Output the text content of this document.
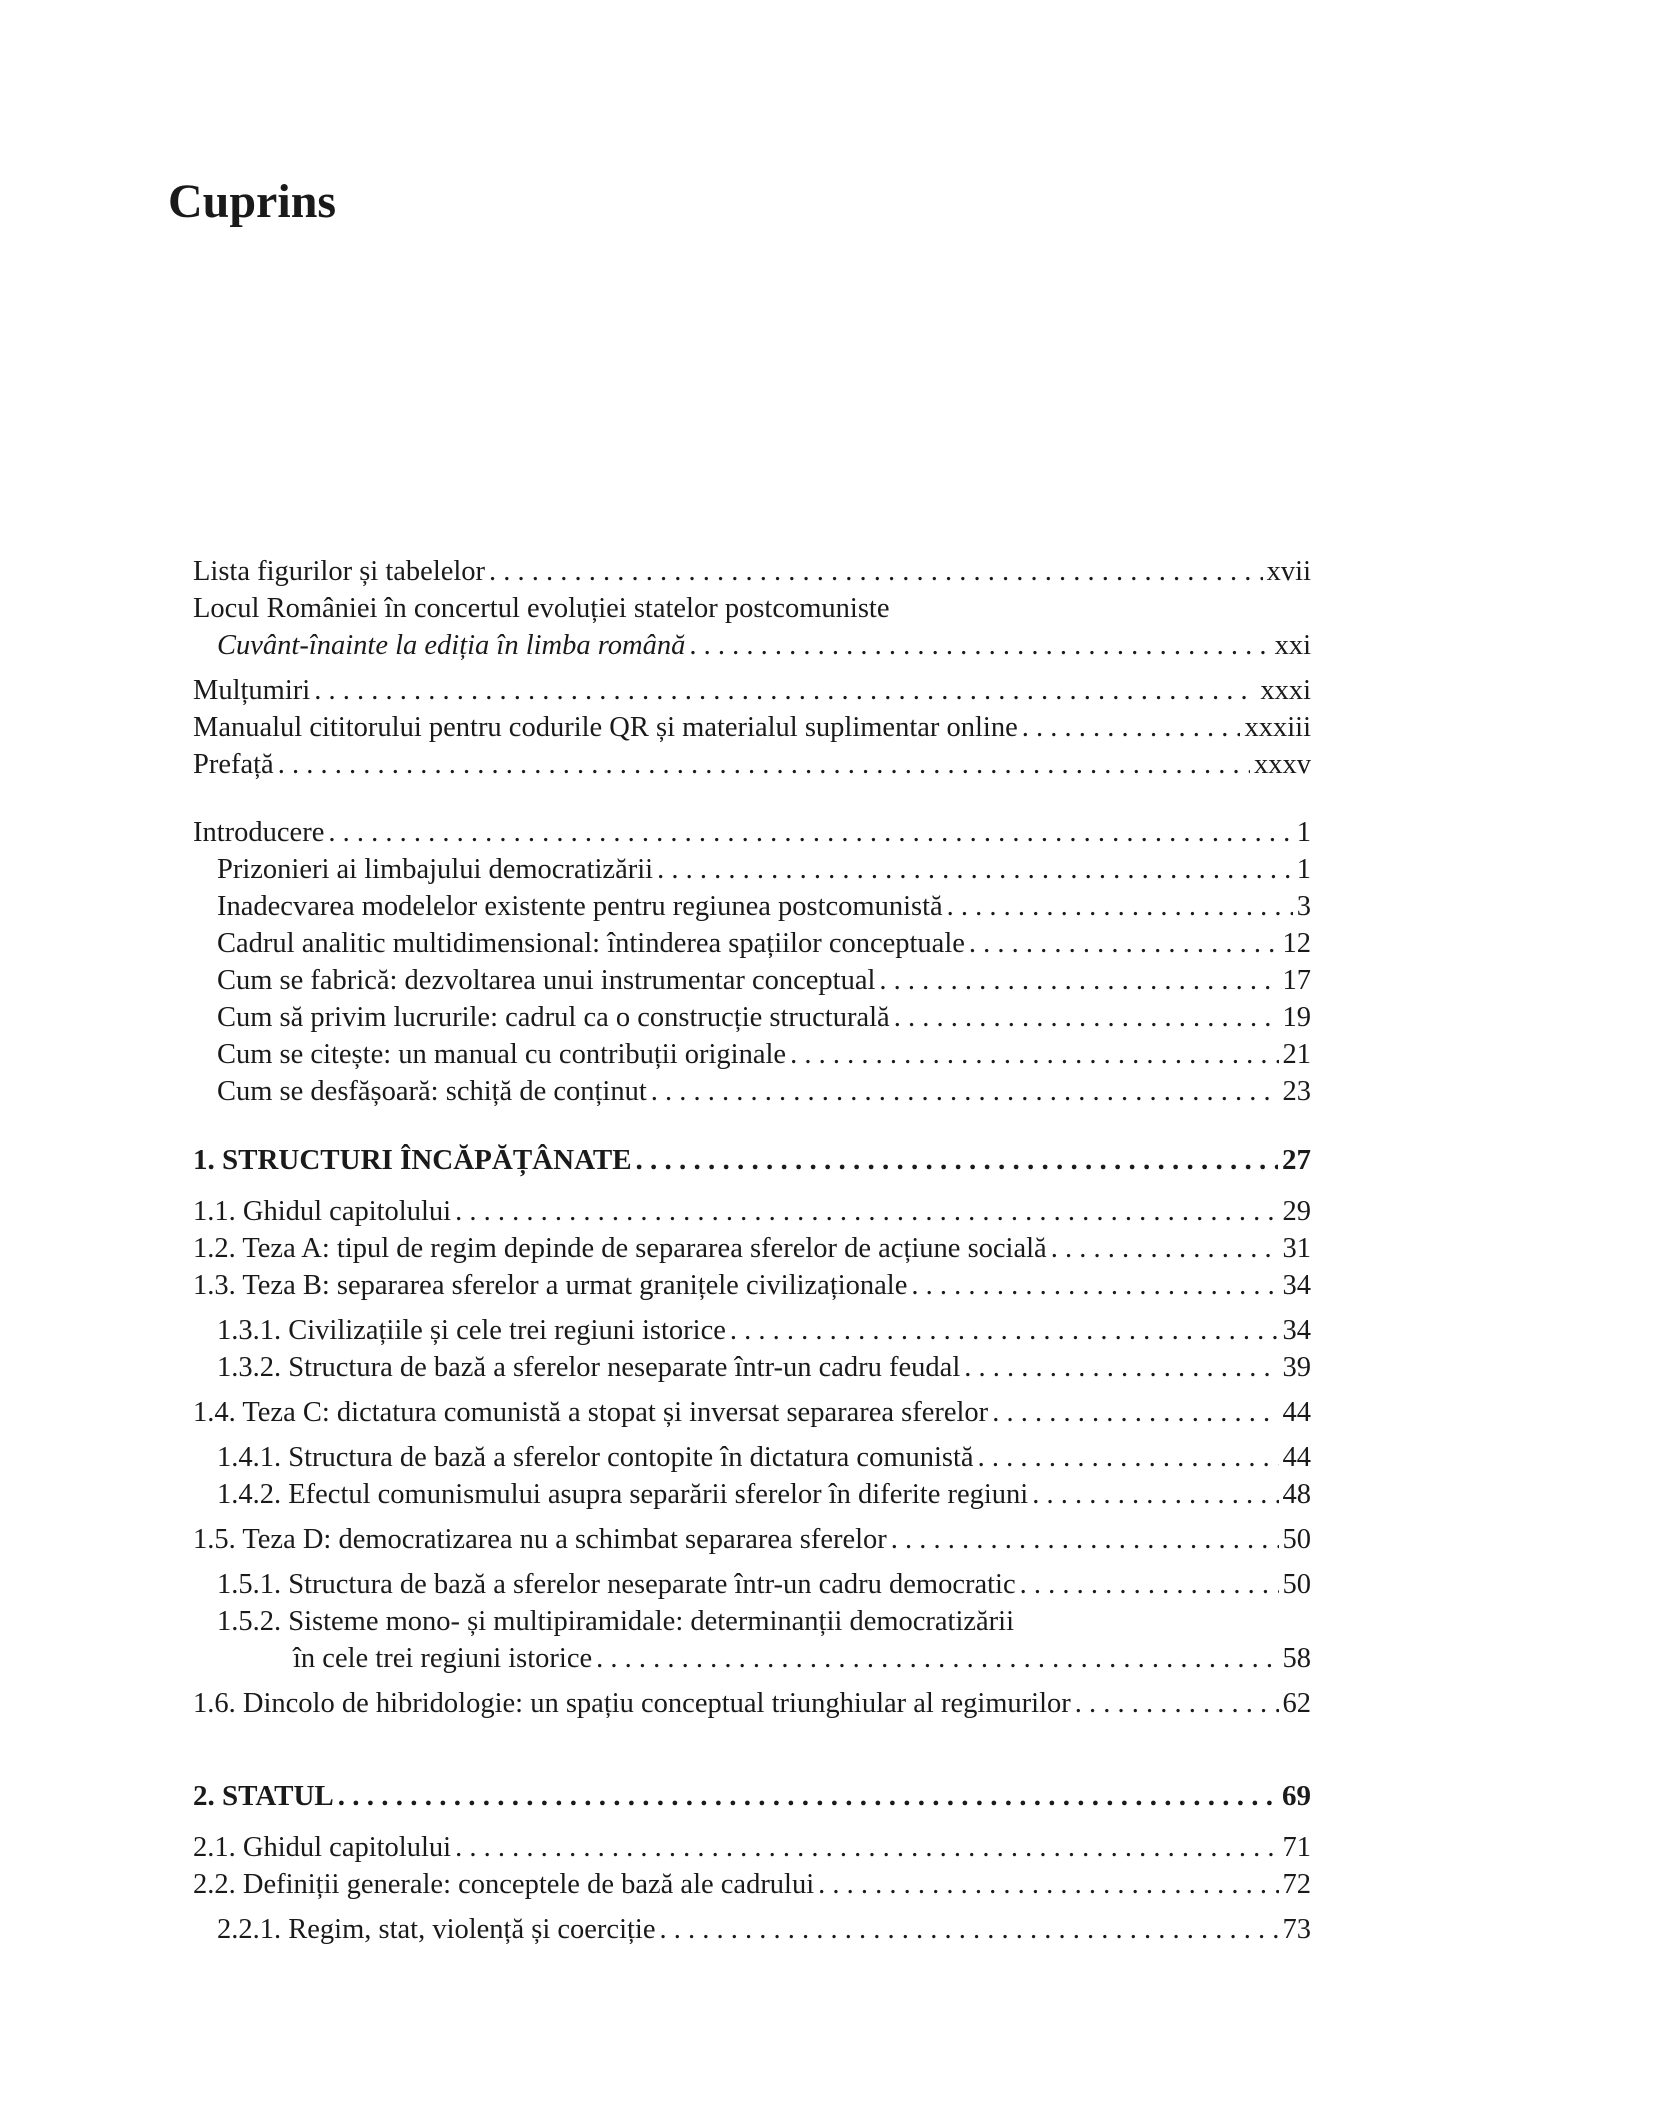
Cuprins
Lista figurilor și tabelelor . . .	xvii
Locul României în concertul evoluției statelor postcomuniste
Cuvânt-înainte la ediția în limba română . . .	xxi
Mulțumiri . . .	xxxi
Manualul cititorului pentru codurile QR și materialul suplimentar online . . .	xxxiii
Prefață . . .	xxxv
Introducere . . .	1
Prizonieri ai limbajului democratizării . . .	1
Inadecvarea modelelor existente pentru regiunea postcomunistă . . .	3
Cadrul analitic multidimensional: întinderea spațiilor conceptuale . . .	12
Cum se fabrică: dezvoltarea unui instrumentar conceptual . . .	17
Cum să privim lucrurile: cadrul ca o construcție structurală . . .	19
Cum se citește: un manual cu contribuții originale . . .	21
Cum se desfășoară: schiță de conținut . . .	23
1. STRUCTURI ÎNCĂPĂȚÂNATE . . .	27
1.1. Ghidul capitolului . . .	29
1.2. Teza A: tipul de regim depinde de separarea sferelor de acțiune socială . . .	31
1.3. Teza B: separarea sferelor a urmat granițele civilizaționale . . .	34
1.3.1. Civilizațiile și cele trei regiuni istorice . . .	34
1.3.2. Structura de bază a sferelor neseparate într-un cadru feudal . . .	39
1.4. Teza C: dictatura comunistă a stopat și inversat separarea sferelor . . .	44
1.4.1. Structura de bază a sferelor contopite în dictatura comunistă . . .	44
1.4.2. Efectul comunismului asupra separării sferelor în diferite regiuni . . .	48
1.5. Teza D: democratizarea nu a schimbat separarea sferelor . . .	50
1.5.1. Structura de bază a sferelor neseparate într-un cadru democratic . . .	50
1.5.2. Sisteme mono- și multipiramidale: determinanții democratizării
în cele trei regiuni istorice . . .	58
1.6. Dincolo de hibridologie: un spațiu conceptual triunghiular al regimurilor . . .	62
2. STATUL . . .	69
2.1. Ghidul capitolului . . .	71
2.2. Definiții generale: conceptele de bază ale cadrului . . .	72
2.2.1. Regim, stat, violență și coerciție . . .	73
